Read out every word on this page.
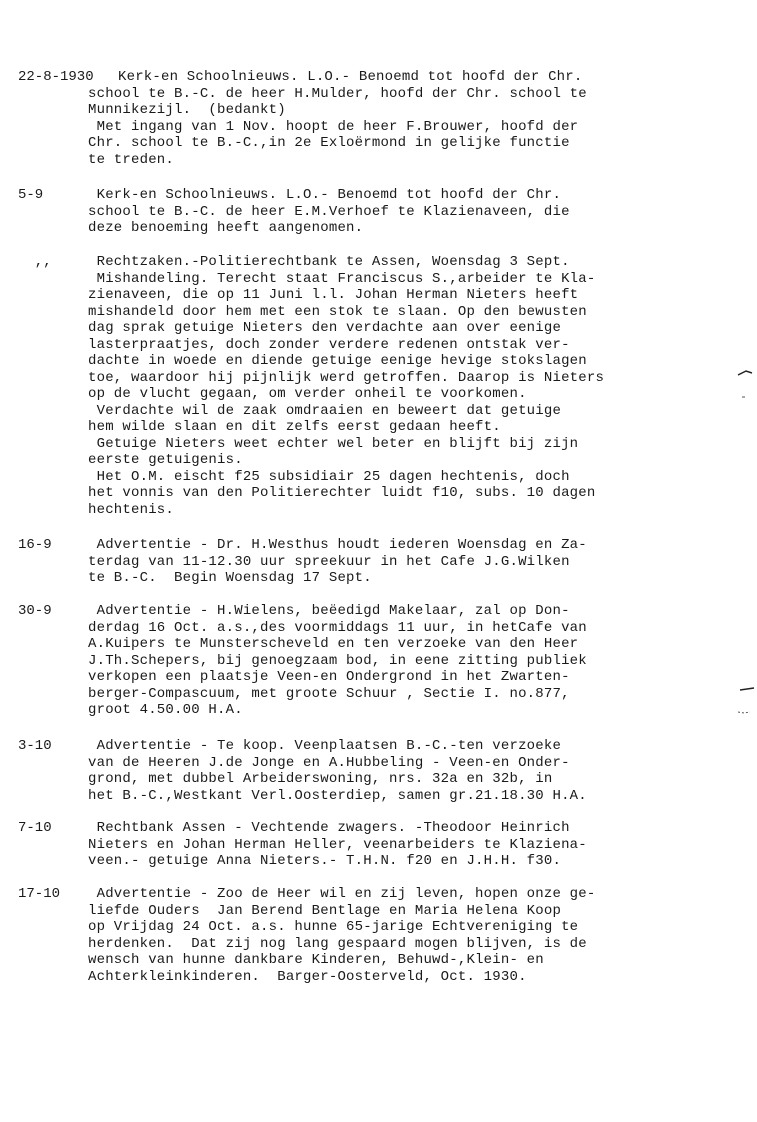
22-8-1930 Kerk-en Schoolnieuws. L.O.- Benoemd tot hoofd der Chr.
school te B.-C. de heer H.Mulder, hoofd der Chr. school te
Munnikezijl.  (bedankt)
Met ingang van 1 Nov. hoopt de heer F.Brouwer, hoofd der
Chr. school te B.-C.,in 2e Exloërmond in gelijke functie
te treden.
5-9	Kerk-en Schoolnieuws. L.O.- Benoemd tot hoofd der Chr.
school te B.-C. de heer E.M.Verhoef te Klazienaveen, die
deze benoeming heeft aangenomen.
,,	Rechtzaken.-Politierechtbank te Assen, Woensdag 3 Sept.
Mishandeling. Terecht staat Franciscus S.,arbeider te Kla-
zienaveen, die op 11 Juni l.l. Johan Herman Nieters heeft
mishandeld door hem met een stok te slaan. Op den bewusten
dag sprak getuige Nieters den verdachte aan over eenige
lasterpraatjes, doch zonder verdere redenen ontstak ver-
dachte in woede en diende getuige eenige hevige stokslagen
toe, waardoor hij pijnlijk werd getroffen. Daarop is Nieters
op de vlucht gegaan, om verder onheil te voorkomen.
Verdachte wil de zaak omdraaien en beweert dat getuige
hem wilde slaan en dit zelfs eerst gedaan heeft.
Getuige Nieters weet echter wel beter en blijft bij zijn
eerste getuigenis.
Het O.M. eischt f25 subsidiair 25 dagen hechtenis, doch
het vonnis van den Politierechter luidt f10, subs. 10 dagen
hechtenis.
16-9	Advertentie - Dr. H.Westhus houdt iederen Woensdag en Za-
terdag van 11-12.30 uur spreekuur in het Cafe J.G.Wilken
te B.-C.  Begin Woensdag 17 Sept.
30-9	Advertentie - H.Wielens, beëedigd Makelaar, zal op Don-
derdag 16 Oct. a.s.,des voormiddags 11 uur, in hetCafe van
A.Kuipers te Munsterscheveld en ten verzoeke van den Heer
J.Th.Schepers, bij genoegzaam bod, in eene zitting publiek
verkopen een plaatsje Veen-en Ondergrond in het Zwarten-
berger-Compascuum, met groote Schuur , Sectie I. no.877,
groot 4.50.00 H.A.
3-10	Advertentie - Te koop. Veenplaatsen B.-C.-ten verzoeke
van de Heeren J.de Jonge en A.Hubbeling - Veen-en Onder-
grond, met dubbel Arbeiderswoning, nrs. 32a en 32b, in
het B.-C.,Westkant Verl.Oosterdiep, samen gr.21.18.30 H.A.
7-10	Rechtbank Assen - Vechtende zwagers. -Theodoor Heinrich
Nieters en Johan Herman Heller, veenarbeiders te Klaziena-
veen.- getuige Anna Nieters.- T.H.N. f20 en J.H.H. f30.
17-10 Advertentie - Zoo de Heer wil en zij leven, hopen onze ge-
liefde Ouders  Jan Berend Bentlage en Maria Helena Koop
op Vrijdag 24 Oct. a.s. hunne 65-jarige Echtvereniging te
herdenken.  Dat zij nog lang gespaard mogen blijven, is de
wensch van hunne dankbare Kinderen, Behuwd-,Klein- en
Achterkleinkinderen.  Barger-Oosterveld, Oct. 1930.
